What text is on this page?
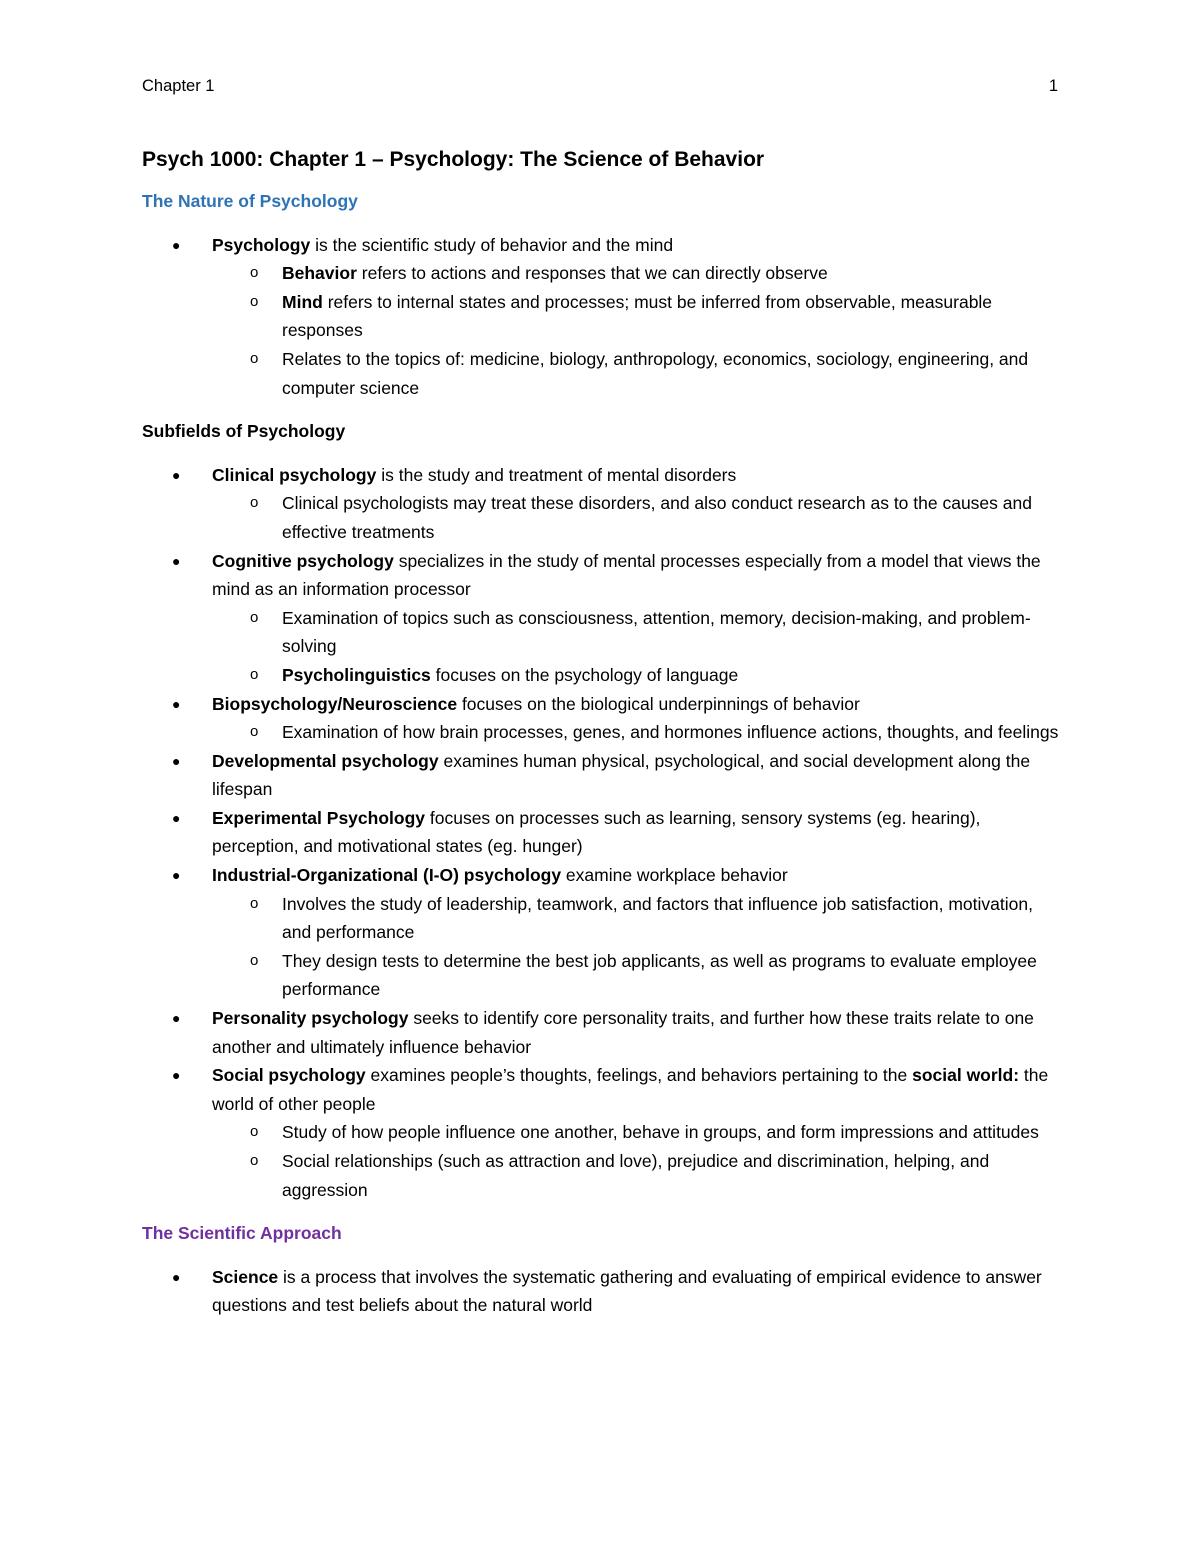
Chapter 1	1
Psych 1000: Chapter 1 – Psychology: The Science of Behavior
The Nature of Psychology
● Psychology is the scientific study of behavior and the mind
o Behavior refers to actions and responses that we can directly observe
o Mind refers to internal states and processes; must be inferred from observable, measurable responses
o Relates to the topics of: medicine, biology, anthropology, economics, sociology, engineering, and computer science
Subfields of Psychology
● Clinical psychology is the study and treatment of mental disorders
o Clinical psychologists may treat these disorders, and also conduct research as to the causes and effective treatments
● Cognitive psychology specializes in the study of mental processes especially from a model that views the mind as an information processor
o Examination of topics such as consciousness, attention, memory, decision-making, and problem-solving
o Psycholinguistics focuses on the psychology of language
● Biopsychology/Neuroscience focuses on the biological underpinnings of behavior
o Examination of how brain processes, genes, and hormones influence actions, thoughts, and feelings
● Developmental psychology examines human physical, psychological, and social development along the lifespan
● Experimental Psychology focuses on processes such as learning, sensory systems (eg. hearing), perception, and motivational states (eg. hunger)
● Industrial-Organizational (I-O) psychology examine workplace behavior
o Involves the study of leadership, teamwork, and factors that influence job satisfaction, motivation, and performance
o They design tests to determine the best job applicants, as well as programs to evaluate employee performance
● Personality psychology seeks to identify core personality traits, and further how these traits relate to one another and ultimately influence behavior
● Social psychology examines people’s thoughts, feelings, and behaviors pertaining to the social world: the world of other people
o Study of how people influence one another, behave in groups, and form impressions and attitudes
o Social relationships (such as attraction and love), prejudice and discrimination, helping, and aggression
The Scientific Approach
● Science is a process that involves the systematic gathering and evaluating of empirical evidence to answer questions and test beliefs about the natural world
